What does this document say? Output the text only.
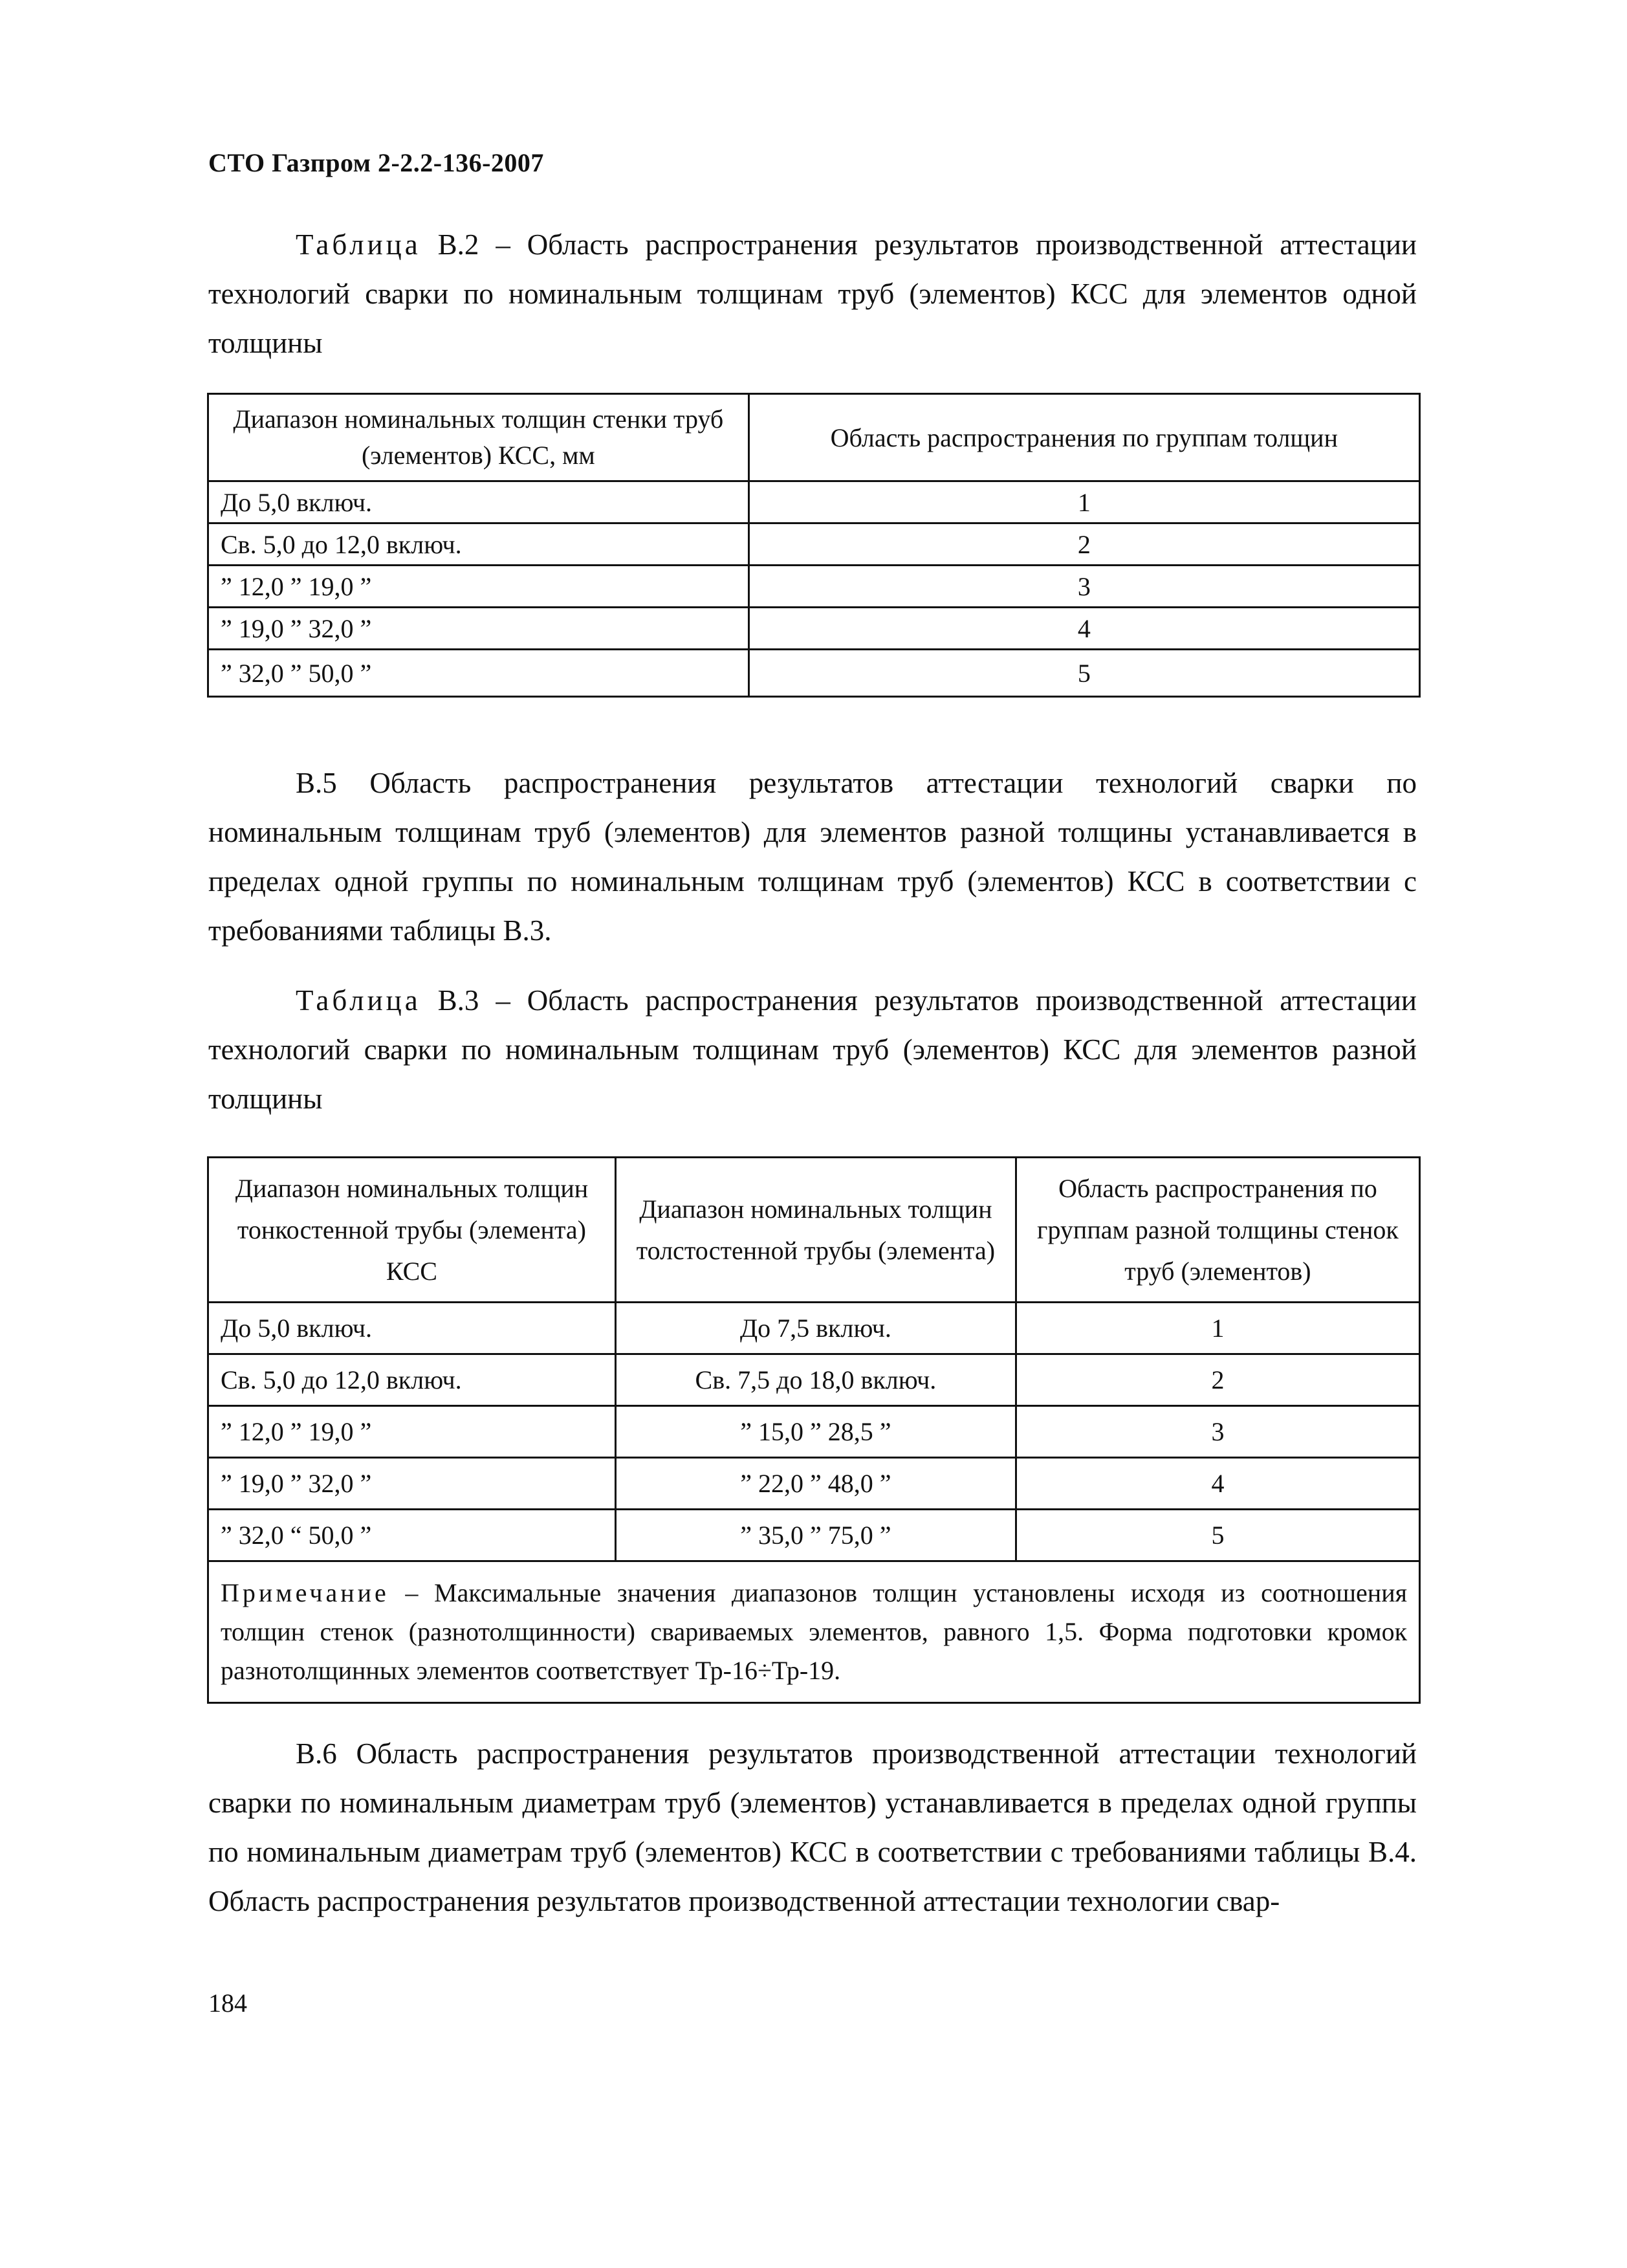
СТО Газпром 2-2.2-136-2007
Таблица В.2 – Область распространения результатов производственной аттестации технологий сварки по номинальным толщинам труб (элементов) КСС для элементов одной толщины
Диапазон номинальных толщин стенки труб (элементов) КСС, мм	Область распространения по группам толщин
До 5,0 включ.	1
Св. 5,0 до 12,0 включ.	2
” 12,0 ” 19,0 ”	3
” 19,0 ” 32,0 ”	4
” 32,0 ” 50,0 ”	5
В.5 Область распространения результатов аттестации технологий сварки по номинальным толщинам труб (элементов) для элементов разной толщины устанавливается в пределах одной группы по номинальным толщинам труб (элементов) КСС в соответствии с требованиями таблицы В.3.
Таблица В.3 – Область распространения результатов производственной аттестации технологий сварки по номинальным толщинам труб (элементов) КСС для элементов разной толщины
Диапазон номинальных толщин тонкостенной трубы (элемента) КСС	Диапазон номинальных толщин толстостенной трубы (элемента)	Область распространения по группам разной толщины стенок труб (элементов)
До 5,0 включ.	До 7,5 включ.	1
Св. 5,0 до 12,0 включ.	Св. 7,5 до 18,0 включ.	2
” 12,0 ” 19,0 ”	” 15,0 ” 28,5 ”	3
” 19,0 ” 32,0 ”	” 22,0 ” 48,0 ”	4
” 32,0 “ 50,0 ”	” 35,0 ” 75,0 ”	5
Примечание – Максимальные значения диапазонов толщин установлены исходя из соотношения толщин стенок (разнотолщинности) свариваемых элементов, равного 1,5. Форма подготовки кромок разнотолщинных элементов соответствует Тр-16÷Тр-19.		
В.6 Область распространения результатов производственной аттестации технологий сварки по номинальным диаметрам труб (элементов) устанавливается в пределах одной группы по номинальным диаметрам труб (элементов) КСС в соответствии с требованиями таблицы В.4. Область распространения результатов производственной аттестации технологии свар-
184
